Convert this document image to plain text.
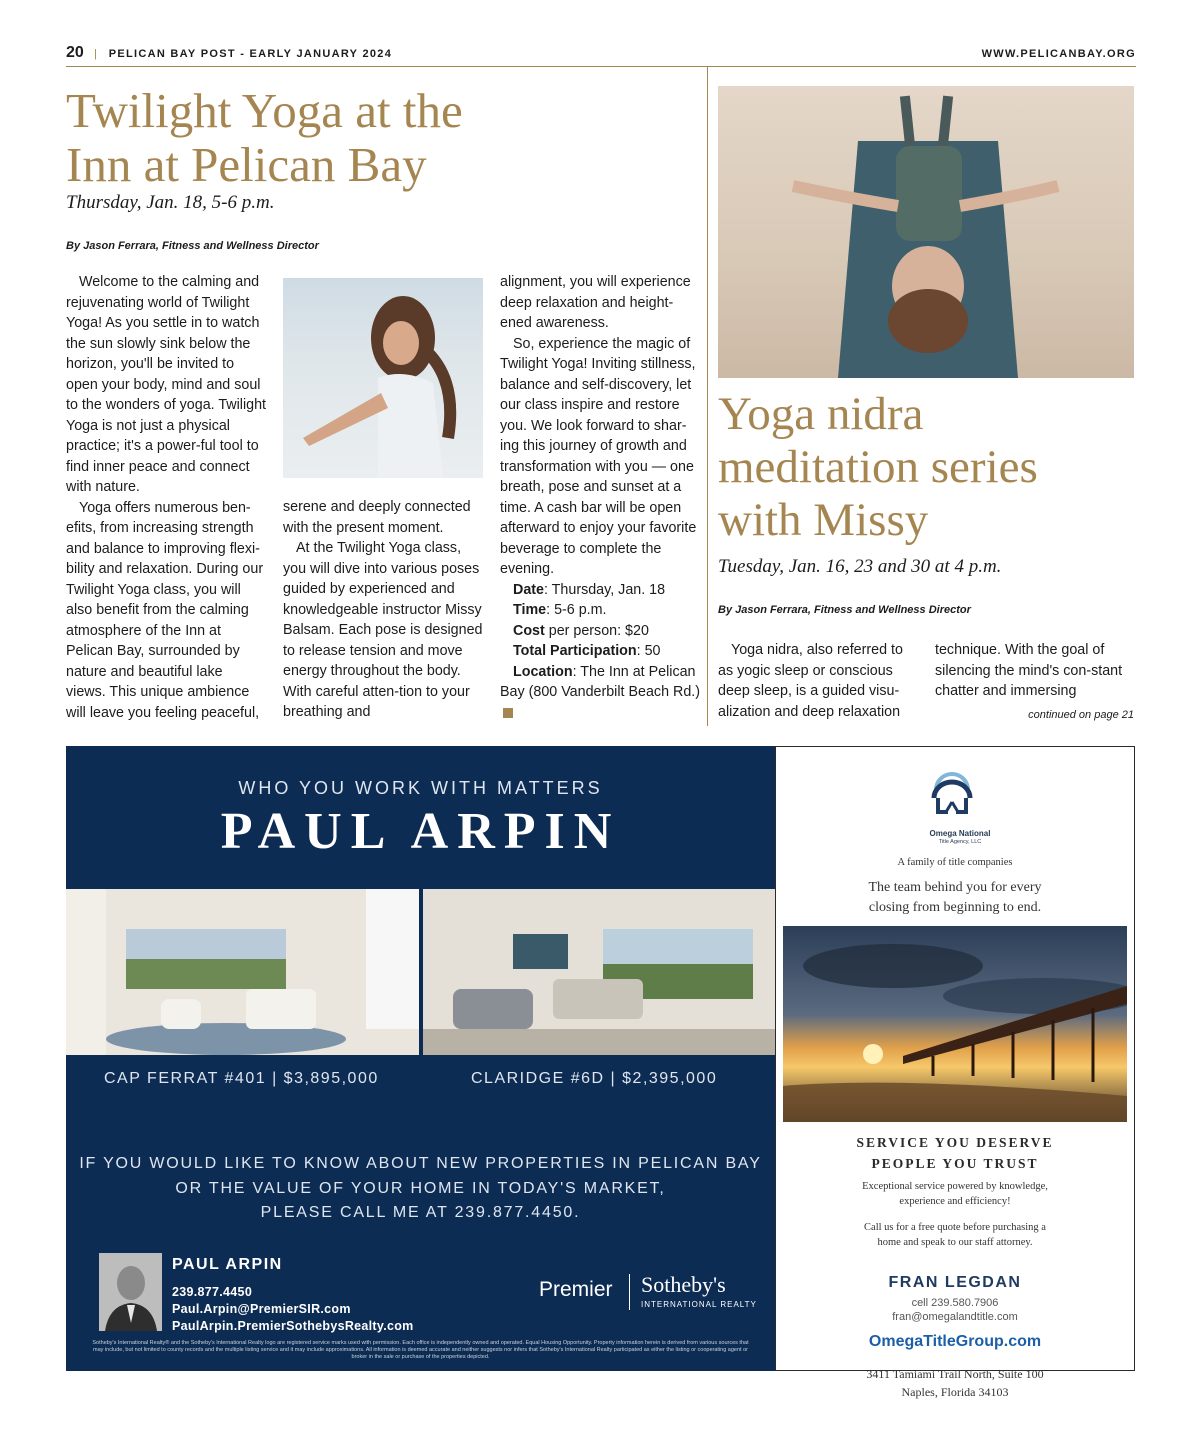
20 | PELICAN BAY POST - EARLY JANUARY 2024	WWW.PELICANBAY.ORG
Twilight Yoga at the
Inn at Pelican Bay
Thursday, Jan. 18, 5-6 p.m.
By Jason Ferrara, Fitness and Wellness Director

Welcome to the calming and rejuvenating world of Twilight Yoga! As you settle in to watch the sun slowly sink below the horizon, you'll be invited to open your body, mind and soul to the wonders of yoga. Twilight Yoga is not just a physical practice; it's a power-ful tool to find inner peace and connect with nature.

Yoga offers numerous ben-efits, from increasing strength and balance to improving flexi-bility and relaxation. During our Twilight Yoga class, you will also benefit from the calming atmosphere of the Inn at Pelican Bay, surrounded by nature and beautiful lake views. This unique ambience will leave you feeling peaceful,

serene and deeply connected with the present moment.

At the Twilight Yoga class, you will dive into various poses guided by experienced and knowledgeable instructor Missy Balsam. Each pose is designed to release tension and move energy throughout the body. With careful atten-tion to your breathing and

alignment, you will experience deep relaxation and height-ened awareness.

So, experience the magic of Twilight Yoga! Inviting stillness, balance and self-discovery, let our class inspire and restore you. We look forward to shar-ing this journey of growth and transformation with you — one breath, pose and sunset at a time. A cash bar will be open afterward to enjoy your favorite beverage to complete the evening.

Date: Thursday, Jan. 18

Time: 5-6 p.m.

Cost per person: $20

Total Participation: 50

Location: The Inn at Pelican Bay (800 Vanderbilt Beach Rd.)

Yoga nidra
meditation series
with Missy
Tuesday, Jan. 16, 23 and 30 at 4 p.m.
By Jason Ferrara, Fitness and Wellness Director

Yoga nidra, also referred to as yogic sleep or conscious deep sleep, is a guided visu-alization and deep relaxation

technique. With the goal of silencing the mind's con-stant chatter and immersing

continued on page 21
WHO YOU WORK WITH MATTERS
PAUL ARPIN
CAP FERRAT #401 | $3,895,000	CLARIDGE #6D | $2,395,000
IF YOU WOULD LIKE TO KNOW ABOUT NEW PROPERTIES IN PELICAN BAY
OR THE VALUE OF YOUR HOME IN TODAY'S MARKET,
PLEASE CALL ME AT 239.877.4450.
PAUL ARPIN
239.877.4450
Paul.Arpin@PremierSIR.com
PaulArpin.PremierSothebysRealty.com
Premier Sotheby's
INTERNATIONAL REALTY
Sotheby's International Realty® and the Sotheby's International Realty logo are registered service marks used with permission. Each office is independently owned and operated. Equal Housing Opportunity. Property information herein is derived from various sources that may include, but not limited to county records and the multiple listing service and it may include approximations. All information is deemed accurate and neither suggests nor infers that Sotheby's International Realty participated as either the listing or cooperating agent or broker in the sale or purchase of the properties depicted.
Omega National
Title Agency, LLC
A family of title companies
The team behind you for every
closing from beginning to end.
SERVICE YOU DESERVE
PEOPLE YOU TRUST
Exceptional service powered by knowledge,
experience and efficiency!
Call us for a free quote before purchasing a
home and speak to our staff attorney.
FRAN LEGDAN
cell 239.580.7906
fran@omegalandtitle.com
OmegaTitleGroup.com
3411 Tamiami Trail North, Suite 100
Naples, Florida 34103
